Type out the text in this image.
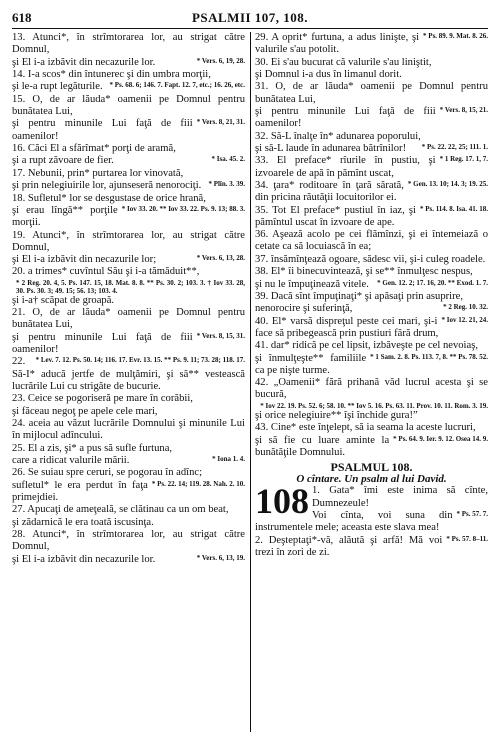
618	PSALMII 107, 108.

13. Atunci*, în strîmtorarea lor, au strigat către Domnul,

* Vers. 6, 19, 28.
şi El i-a izbăvit din necazurile lor.

14. I-a scos* din întunerec şi din umbra morţii,

* Ps. 68. 6; 146. 7. Fapt. 12. 7, etc.; 16. 26, etc.
şi le-a rupt legăturile.

15. O, de ar lăuda* oamenii pe Domnul pentru bunătatea Lui,

* Vers. 8, 21, 31.
şi pentru minunile Lui faţă de fiii oamenilor!

16. Căci El a sfărîmat* porţi de aramă,

* Isa. 45. 2.
şi a rupt zăvoare de fier.

17. Nebunii, prin* purtarea lor vinovată,

* Plîn. 3. 39.
şi prin nelegiuirile lor, ajunseseră nenorociţi.

18. Sufletul* lor se desgustase de orice hrană,

* Iov 33. 20. ** Iov 33. 22. Ps. 9. 13; 88. 3.
şi erau lîngă** porţile morţii.

19. Atunci*, în strîmtorarea lor, au strigat către Domnul,

* Vers. 6, 13, 28.
şi El i-a izbăvit din necazurile lor;

20. a trimes* cuvîntul Său şi i-a tămăduit**,

* 2 Reg. 20. 4, 5. Ps. 147. 15, 18. Mat. 8. 8. ** Ps. 30. 2; 103. 3. † Iov 33. 28, 30. Ps. 30. 3; 49. 15; 56. 13; 103. 4.
şi i-a† scăpat de groapă.

21. O, de ar lăuda* oamenii pe Domnul pentru bunătatea Lui,

* Vers. 8, 15, 31.
şi pentru minunile Lui faţă de fiii oamenilor!

* Lev. 7. 12. Ps. 50. 14; 116. 17. Evr. 13. 15. ** Ps. 9. 11; 73. 28; 118. 17.
22. Să-I* aducă jertfe de mulţămiri, şi să** vestească lucrările Lui cu strigăte de bucurie.

23. Ceice se pogoriseră pe mare în corăbii,

şi făceau negoţ pe apele cele mari,

24. aceia au văzut lucrările Domnului şi minunile Lui în mijlocul adîncului.

25. El a zis, şi* a pus să sufle furtuna,

* Iona 1. 4.
care a ridicat valurile mării.

26. Se suiau spre ceruri, se pogorau în adînc;

* Ps. 22. 14; 119. 28. Nah. 2. 10.
sufletul* le era perdut în faţa primejdiei.

27. Apucaţi de ameţeală, se clătinau ca un om beat,

şi zădarnică le era toată iscusinţa.

28. Atunci*, în strîmtorarea lor, au strigat către Domnul,

* Vers. 6, 13, 19.
şi El i-a izbăvit din necazurile lor.

* Ps. 89. 9. Mat. 8. 26.
29. A oprit* furtuna, a adus linişte, şi valurile s'au potolit.

30. Ei s'au bucurat că valurile s'au liniştit,

şi Domnul i-a dus în limanul dorit.

31. O, de ar lăuda* oamenii pe Domnul pentru bunătatea Lui,

* Vers. 8, 15, 21.
şi pentru minunile Lui faţă de fiii oamenilor!

32. Să-L înalţe în* adunarea poporului,

* Ps. 22. 22, 25; 111. 1.
şi să-L laude în adunarea bătrînilor!

* 1 Reg. 17. 1, 7.
33. El preface* rîurile în pustiu, şi izvoarele de apă în pămînt uscat,

* Gen. 13. 10; 14. 3; 19. 25.
34. ţara* roditoare în ţară sărată, din pricina răutăţii locuitorilor ei.

* Ps. 114. 8. Isa. 41. 18.
35. Tot El preface* pustiul în iaz, şi pămîntul uscat în izvoare de ape.

36. Aşează acolo pe cei flămînzi, şi ei întemeiază o cetate ca să locuiască în ea;

37. însămînţează ogoare, sădesc vii, şi-i culeg roadele.

38. El* îi binecuvintează, şi se** înmulţesc nespus,

* Gen. 12. 2; 17. 16, 20. ** Exod. 1. 7.
şi nu le împuţinează vitele.

39. Dacă sînt împuţinaţi* şi apăsaţi prin asuprire,

* 2 Reg. 10. 32.
nenorocire şi suferinţă,

* Iov 12. 21, 24.
40. El* varsă dispreţul peste cei mari, şi-i face să pribegească prin pustiuri fără drum,

41. dar* ridică pe cel lipsit, izbăveşte pe cel nevoiaş,

* 1 Sam. 2. 8. Ps. 113. 7, 8. ** Ps. 78. 52.
şi înmulţeşte** familiile ca pe nişte turme.

42. „Oamenii* fără prihană văd lucrul acesta şi se bucură,

* Iov 22. 19. Ps. 52. 6; 58. 10. ** Iov 5. 16. Ps. 63. 11. Prov. 10. 11. Rom. 3. 19.
şi orice nelegiuire** îşi închide gura!”

43. Cine* este înţelept, să ia seama la aceste lucruri,

* Ps. 64. 9. Ier. 9. 12. Osea 14. 9.
şi să fie cu luare aminte la bunătăţile Domnului.

PSALMUL 108.
O cîntare. Un psalm al lui David.
108 1. Gata* îmi este inima să cînte, Dumnezeule!

* Ps. 57. 7.
Voi cînta, voi suna din instrumentele mele; aceasta este slava mea!

* Ps. 57. 8–11.
2. Deşteptaţi*-vă, alăută şi arfă! Mă voi trezi în zori de zi.
